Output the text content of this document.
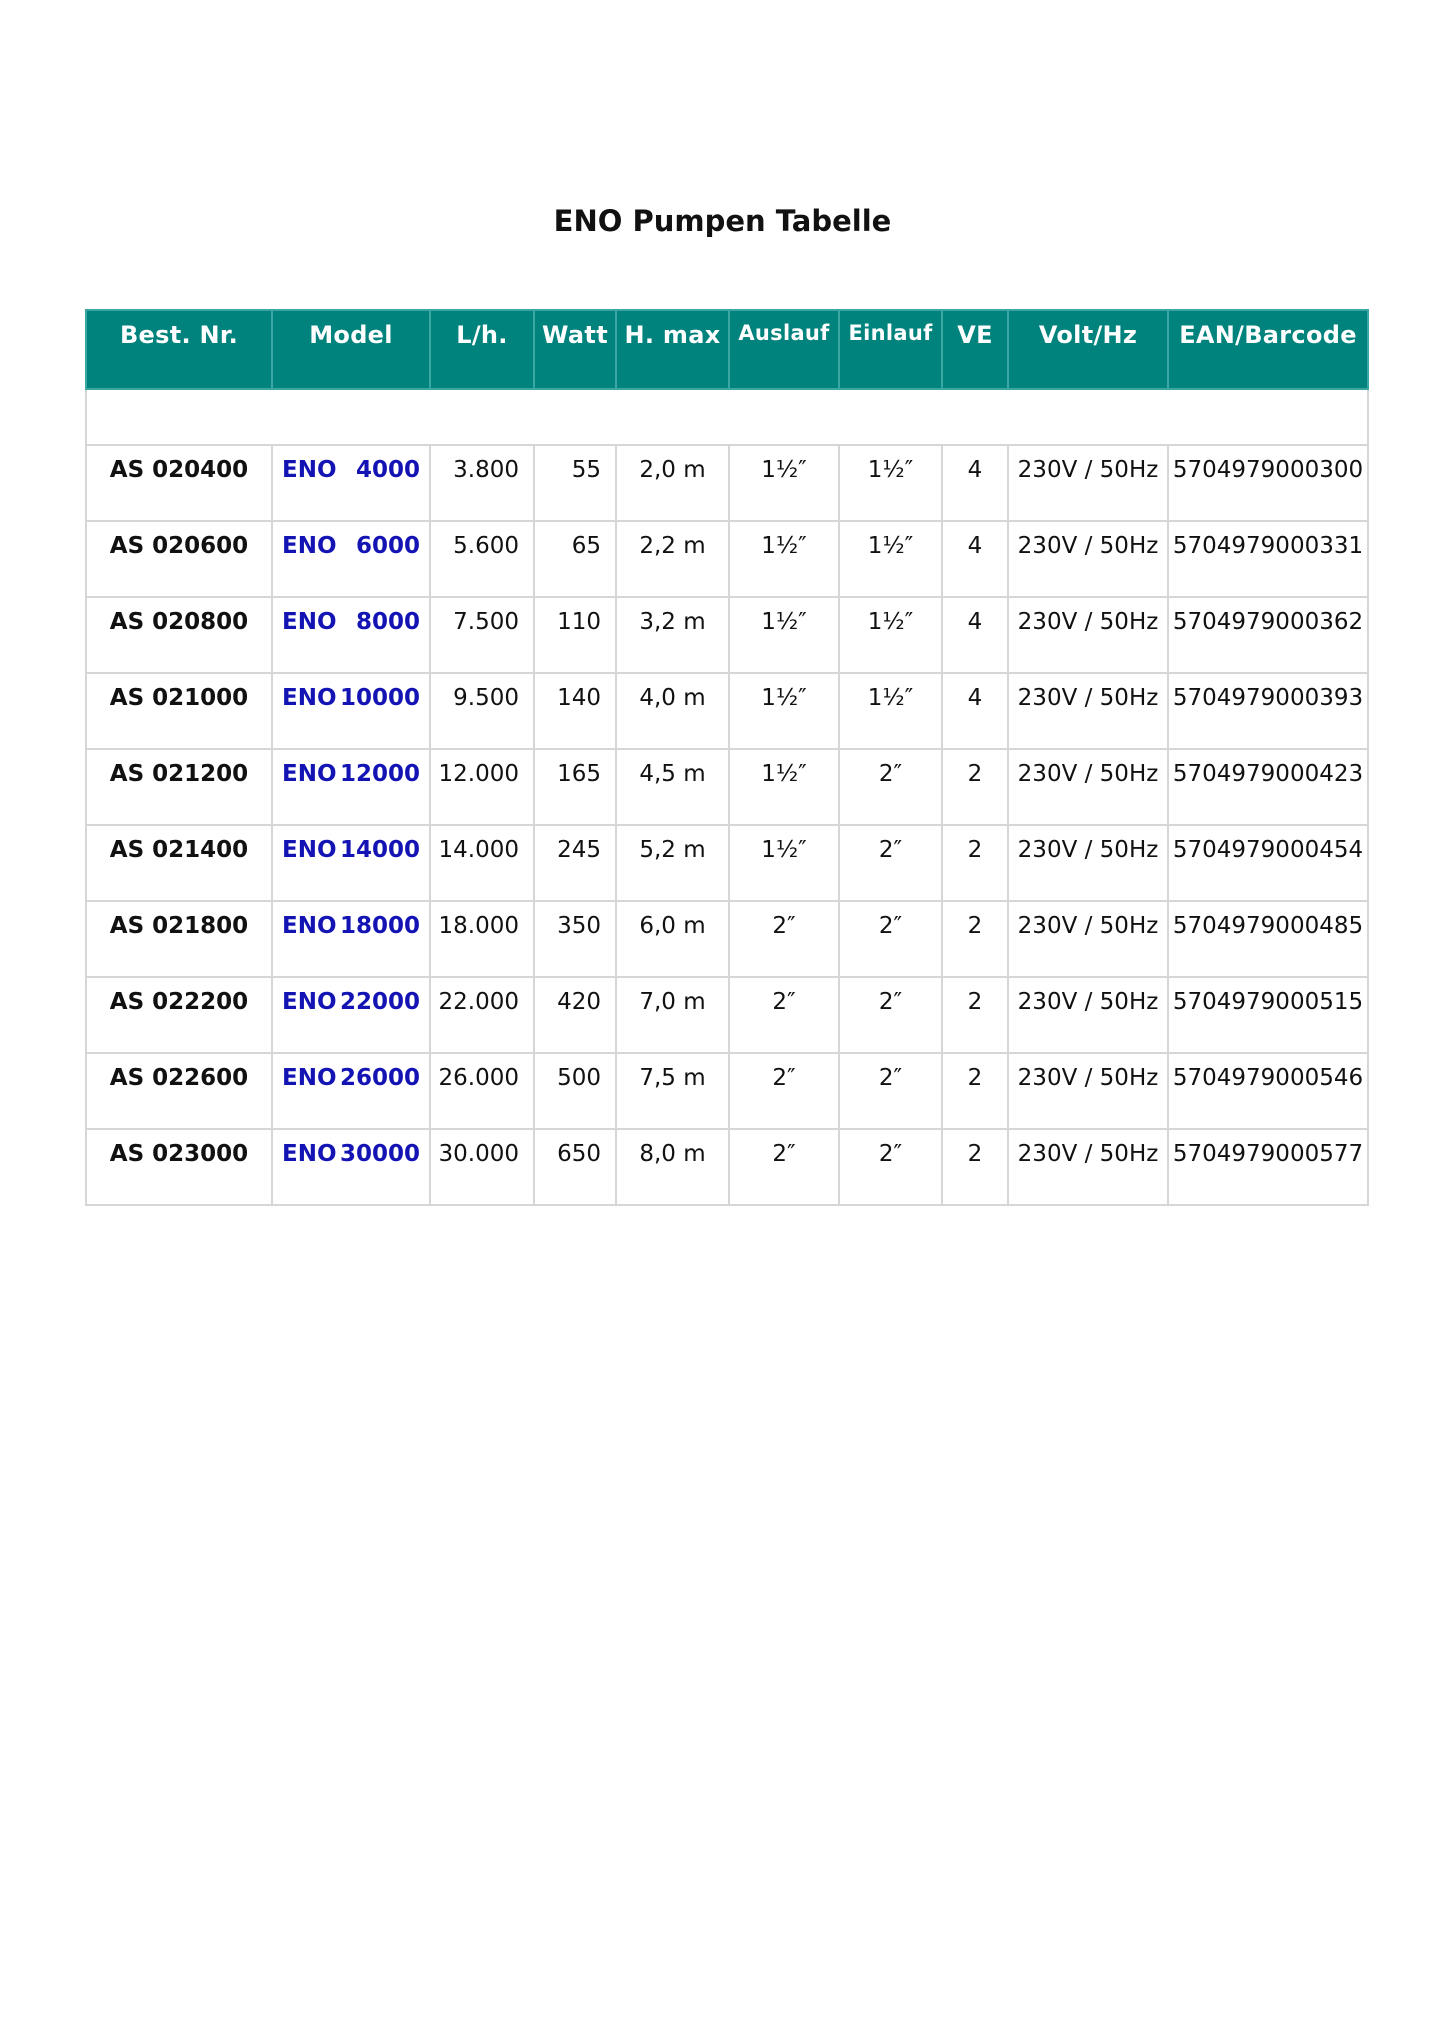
ENO Pumpen Tabelle
Best. Nr.	Model	L/h.	Watt	H. max	Auslauf	Einlauf	VE	Volt/Hz	EAN/Barcode

AS 020400	ENO 4000	3.800	55	2,0 m	1½″	1½″	4	230V / 50Hz	5704979000300
AS 020600	ENO 6000	5.600	65	2,2 m	1½″	1½″	4	230V / 50Hz	5704979000331
AS 020800	ENO 8000	7.500	110	3,2 m	1½″	1½″	4	230V / 50Hz	5704979000362
AS 021000	ENO 10000	9.500	140	4,0 m	1½″	1½″	4	230V / 50Hz	5704979000393
AS 021200	ENO 12000	12.000	165	4,5 m	1½″	2″	2	230V / 50Hz	5704979000423
AS 021400	ENO 14000	14.000	245	5,2 m	1½″	2″	2	230V / 50Hz	5704979000454
AS 021800	ENO 18000	18.000	350	6,0 m	2″	2″	2	230V / 50Hz	5704979000485
AS 022200	ENO 22000	22.000	420	7,0 m	2″	2″	2	230V / 50Hz	5704979000515
AS 022600	ENO 26000	26.000	500	7,5 m	2″	2″	2	230V / 50Hz	5704979000546
AS 023000	ENO 30000	30.000	650	8,0 m	2″	2″	2	230V / 50Hz	5704979000577
